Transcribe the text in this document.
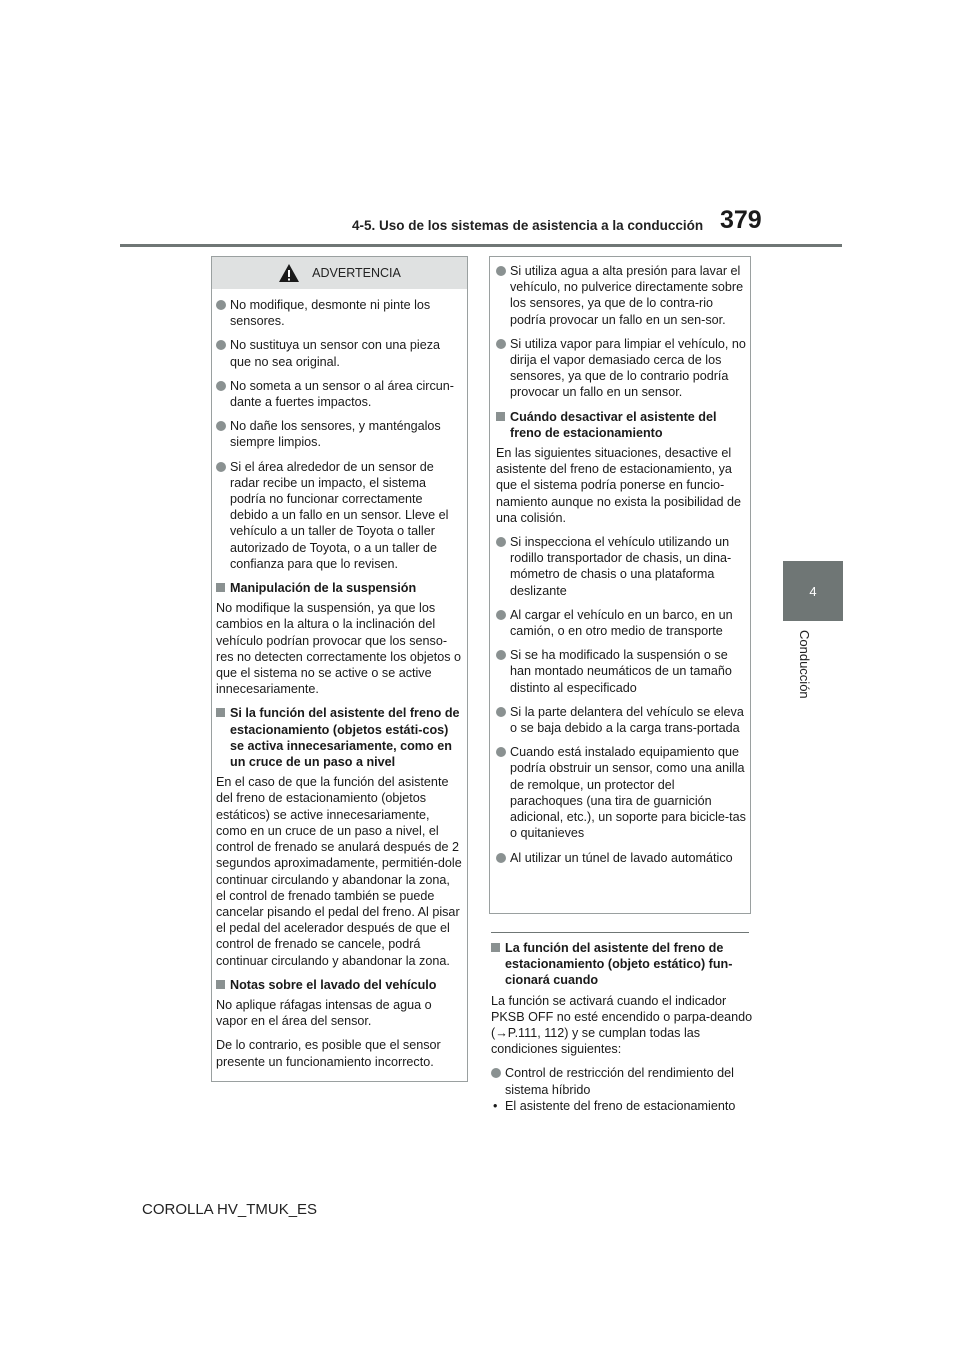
4-5. Uso de los sistemas de asistencia a la conducción 379
4
Conducción
ADVERTENCIA
No modifique, desmonte ni pinte los sensores.
No sustituya un sensor con una pieza que no sea original.
No someta a un sensor o al área circun-dante a fuertes impactos.
No dañe los sensores, y manténgalos siempre limpios.
Si el área alrededor de un sensor de radar recibe un impacto, el sistema podría no funcionar correctamente debido a un fallo en un sensor. Lleve el vehículo a un taller de Toyota o taller autorizado de Toyota, o a un taller de confianza para que lo revisen.
Manipulación de la suspensión

No modifique la suspensión, ya que los cambios en la altura o la inclinación del vehículo podrían provocar que los senso-res no detecten correctamente los objetos o que el sistema no se active o se active innecesariamente.

Si la función del asistente del freno de estacionamiento (objetos estáti-cos) se activa innecesariamente, como en un cruce de un paso a nivel

En el caso de que la función del asistente del freno de estacionamiento (objetos estáticos) se active innecesariamente, como en un cruce de un paso a nivel, el control de frenado se anulará después de 2 segundos aproximadamente, permitién-dole continuar circulando y abandonar la zona, el control de frenado también se puede cancelar pisando el pedal del freno. Al pisar el pedal del acelerador después de que el control de frenado se cancele, podrá continuar circulando y abandonar la zona.

Notas sobre el lavado del vehículo

No aplique ráfagas intensas de agua o vapor en el área del sensor.

De lo contrario, es posible que el sensor presente un funcionamiento incorrecto.

Si utiliza agua a alta presión para lavar el vehículo, no pulverice directamente sobre los sensores, ya que de lo contra-rio podría provocar un fallo en un sen-sor.
Si utiliza vapor para limpiar el vehículo, no dirija el vapor demasiado cerca de los sensores, ya que de lo contrario podría provocar un fallo en un sensor.
Cuándo desactivar el asistente del freno de estacionamiento

En las siguientes situaciones, desactive el asistente del freno de estacionamiento, ya que el sistema podría ponerse en funcio-namiento aunque no exista la posibilidad de una colisión.

Si inspecciona el vehículo utilizando un rodillo transportador de chasis, un dina-mómetro de chasis o una plataforma deslizante
Al cargar el vehículo en un barco, en un camión, o en otro medio de transporte
Si se ha modificado la suspensión o se han montado neumáticos de un tamaño distinto al especificado
Si la parte delantera del vehículo se eleva o se baja debido a la carga trans-portada
Cuando está instalado equipamiento que podría obstruir un sensor, como una anilla de remolque, un protector del parachoques (una tira de guarnición adicional, etc.), un soporte para bicicle-tas o quitanieves
Al utilizar un túnel de lavado automático
La función del asistente del freno de estacionamiento (objeto estático) fun-cionará cuando

La función se activará cuando el indicador PKSB OFF no esté encendido o parpa-deando (→P.111, 112) y se cumplan todas las condiciones siguientes:

Control de restricción del rendimiento del sistema híbrido
• El asistente del freno de estacionamiento
COROLLA HV_TMUK_ES
